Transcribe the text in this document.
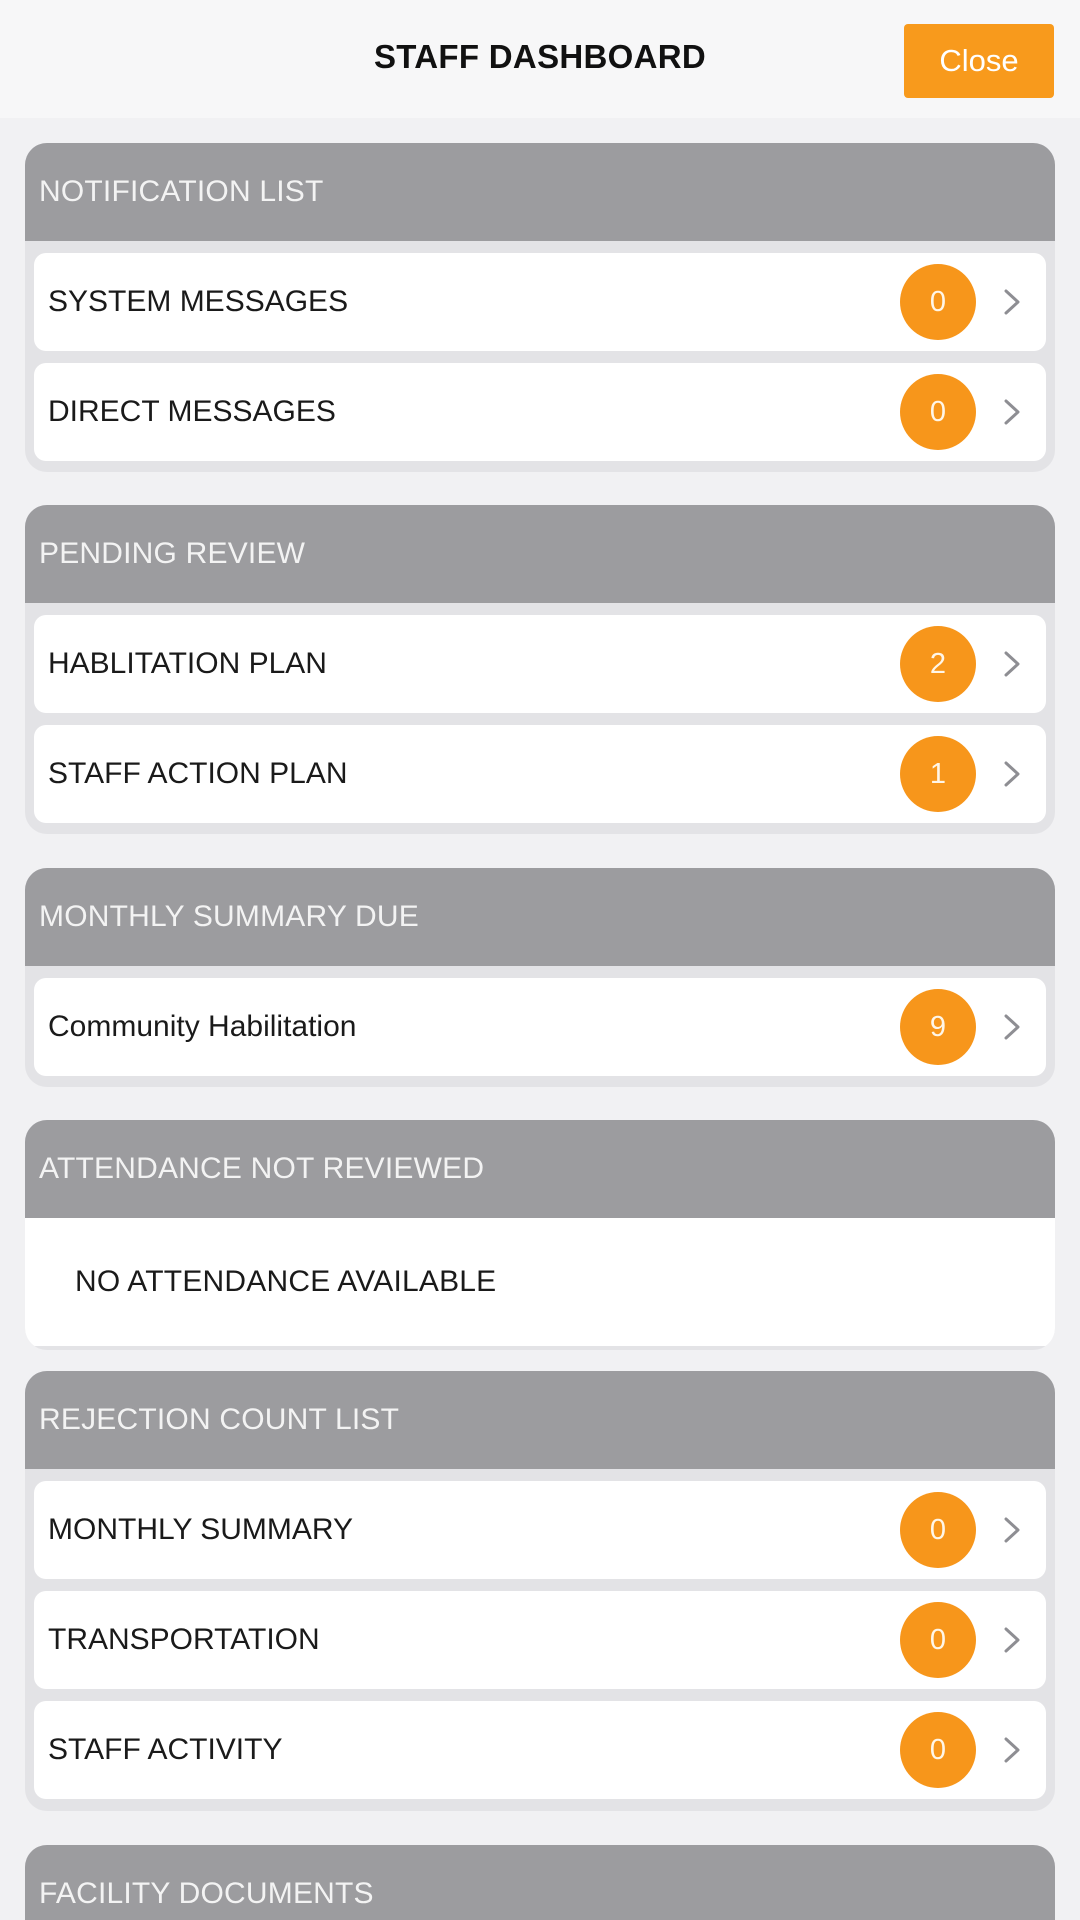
STAFF DASHBOARD	Close
NOTIFICATION LIST
SYSTEM MESSAGES	0
DIRECT MESSAGES	0
PENDING REVIEW
HABLITATION PLAN	2
STAFF ACTION PLAN	1
MONTHLY SUMMARY DUE
Community Habilitation	9
ATTENDANCE NOT REVIEWED
NO ATTENDANCE AVAILABLE
REJECTION COUNT LIST
MONTHLY SUMMARY	0
TRANSPORTATION	0
STAFF ACTIVITY	0
FACILITY DOCUMENTS
